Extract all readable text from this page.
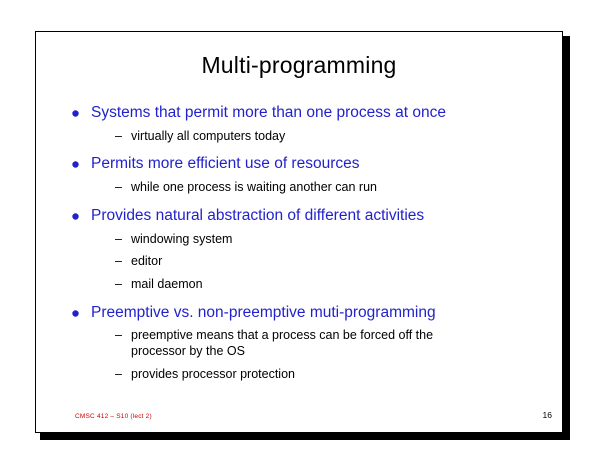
Multi-programming
Systems that permit more than one process at once
– virtually all computers today
Permits more efficient use of resources
– while one process is waiting another can run
Provides natural abstraction of different activities
– windowing system
– editor
– mail daemon
Preemptive vs. non-preemptive muti-programming
– preemptive means that a process can be forced off the processor by the OS
– provides processor protection
CMSC 412 – S10 (lect 2)	16
